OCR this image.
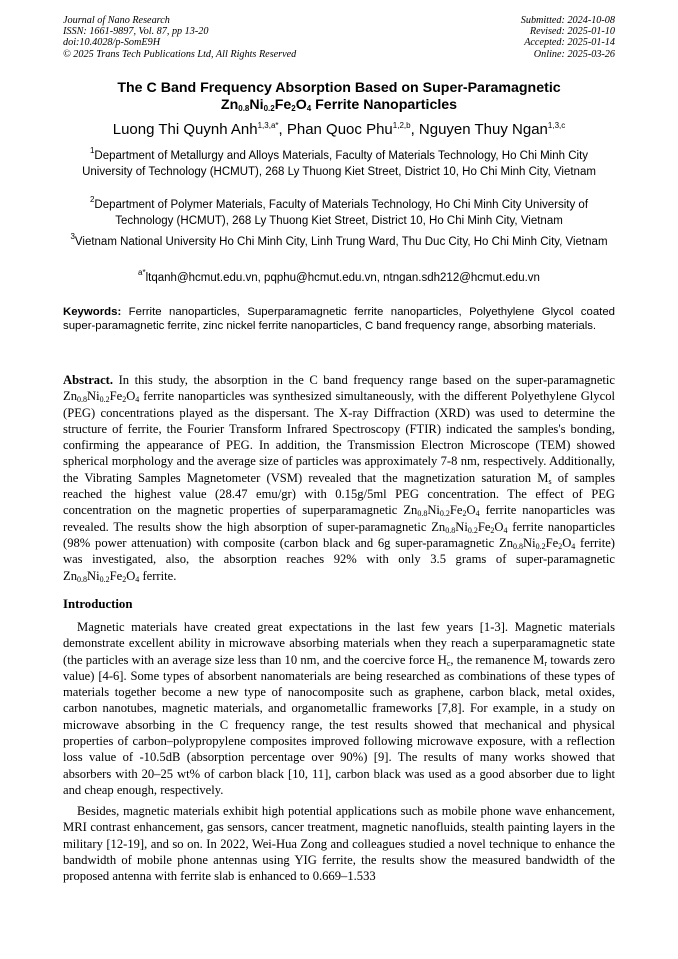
Journal of Nano Research
ISSN: 1661-9897, Vol. 87, pp 13-20
doi:10.4028/p-SomE9H
© 2025 Trans Tech Publications Ltd, All Rights Reserved
Submitted: 2024-10-08
Revised: 2025-01-10
Accepted: 2025-01-14
Online: 2025-03-26
The C Band Frequency Absorption Based on Super-Paramagnetic
$Zn_{0.8}Ni_{0.2}Fe_2O_4$ Ferrite Nanoparticles
Luong Thi Quynh Anh$^{1,3,a*}$, Phan Quoc Phu$^{1,2,b}$, Nguyen Thuy Ngan$^{1,3,c}$
$^1$Department of Metallurgy and Alloys Materials, Faculty of Materials Technology, Ho Chi Minh City University of Technology (HCMUT), 268 Ly Thuong Kiet Street, District 10, Ho Chi Minh City, Vietnam
$^2$Department of Polymer Materials, Faculty of Materials Technology, Ho Chi Minh City University of Technology (HCMUT), 268 Ly Thuong Kiet Street, District 10, Ho Chi Minh City, Vietnam
$^3$Vietnam National University Ho Chi Minh City, Linh Trung Ward, Thu Duc City, Ho Chi Minh City, Vietnam
$^{a*}$ltqanh@hcmut.edu.vn, pqphu@hcmut.edu.vn, ntngan.sdh212@hcmut.edu.vn
Keywords: Ferrite nanoparticles, Superparamagnetic ferrite nanoparticles, Polyethylene Glycol coated super-paramagnetic ferrite, zinc nickel ferrite nanoparticles, C band frequency range, absorbing materials.
Abstract. In this study, the absorption in the C band frequency range based on the super-paramagnetic $Zn_{0.8}Ni_{0.2}Fe_2O_4$ ferrite nanoparticles was synthesized simultaneously, with the different Polyethylene Glycol (PEG) concentrations played as the dispersant. The X-ray Diffraction (XRD) was used to determine the structure of ferrite, the Fourier Transform Infrared Spectroscopy (FTIR) indicated the samples's bonding, confirming the appearance of PEG. In addition, the Transmission Electron Microscope (TEM) showed spherical morphology and the average size of particles was approximately 7-8 nm, respectively. Additionally, the Vibrating Samples Magnetometer (VSM) revealed that the magnetization saturation $M_s$ of samples reached the highest value (28.47 emu/gr) with 0.15g/5ml PEG concentration. The effect of PEG concentration on the magnetic properties of superparamagnetic $Zn_{0.8}Ni_{0.2}Fe_2O_4$ ferrite nanoparticles was revealed. The results show the high absorption of super-paramagnetic $Zn_{0.8}Ni_{0.2}Fe_2O_4$ ferrite nanoparticles (98% power attenuation) with composite (carbon black and 6g super-paramagnetic $Zn_{0.8}Ni_{0.2}Fe_2O_4$ ferrite) was investigated, also, the absorption reaches 92% with only 3.5 grams of super-paramagnetic $Zn_{0.8}Ni_{0.2}Fe_2O_4$ ferrite.
Introduction
Magnetic materials have created great expectations in the last few years [1-3]. Magnetic materials demonstrate excellent ability in microwave absorbing materials when they reach a superparamagnetic state (the particles with an average size less than 10 nm, and the coercive force $H_c$, the remanence $M_r$ towards zero value) [4-6]. Some types of absorbent nanomaterials are being researched as combinations of these types of materials together become a new type of nanocomposite such as graphene, carbon black, metal oxides, carbon nanotubes, magnetic materials, and organometallic frameworks [7,8]. For example, in a study on microwave absorbing in the C frequency range, the test results showed that mechanical and physical properties of carbon–polypropylene composites improved following microwave exposure, with a reflection loss value of -10.5dB (absorption percentage over 90%) [9]. The results of many works showed that absorbers with 20–25 wt% of carbon black [10, 11], carbon black was used as a good absorber due to light and cheap enough, respectively.
Besides, magnetic materials exhibit high potential applications such as mobile phone wave enhancement, MRI contrast enhancement, gas sensors, cancer treatment, magnetic nanofluids, stealth painting layers in the military [12-19], and so on. In 2022, Wei-Hua Zong and colleagues studied a novel technique to enhance the bandwidth of mobile phone antennas using YIG ferrite, the results show the measured bandwidth of the proposed antenna with ferrite slab is enhanced to 0.669–1.533
